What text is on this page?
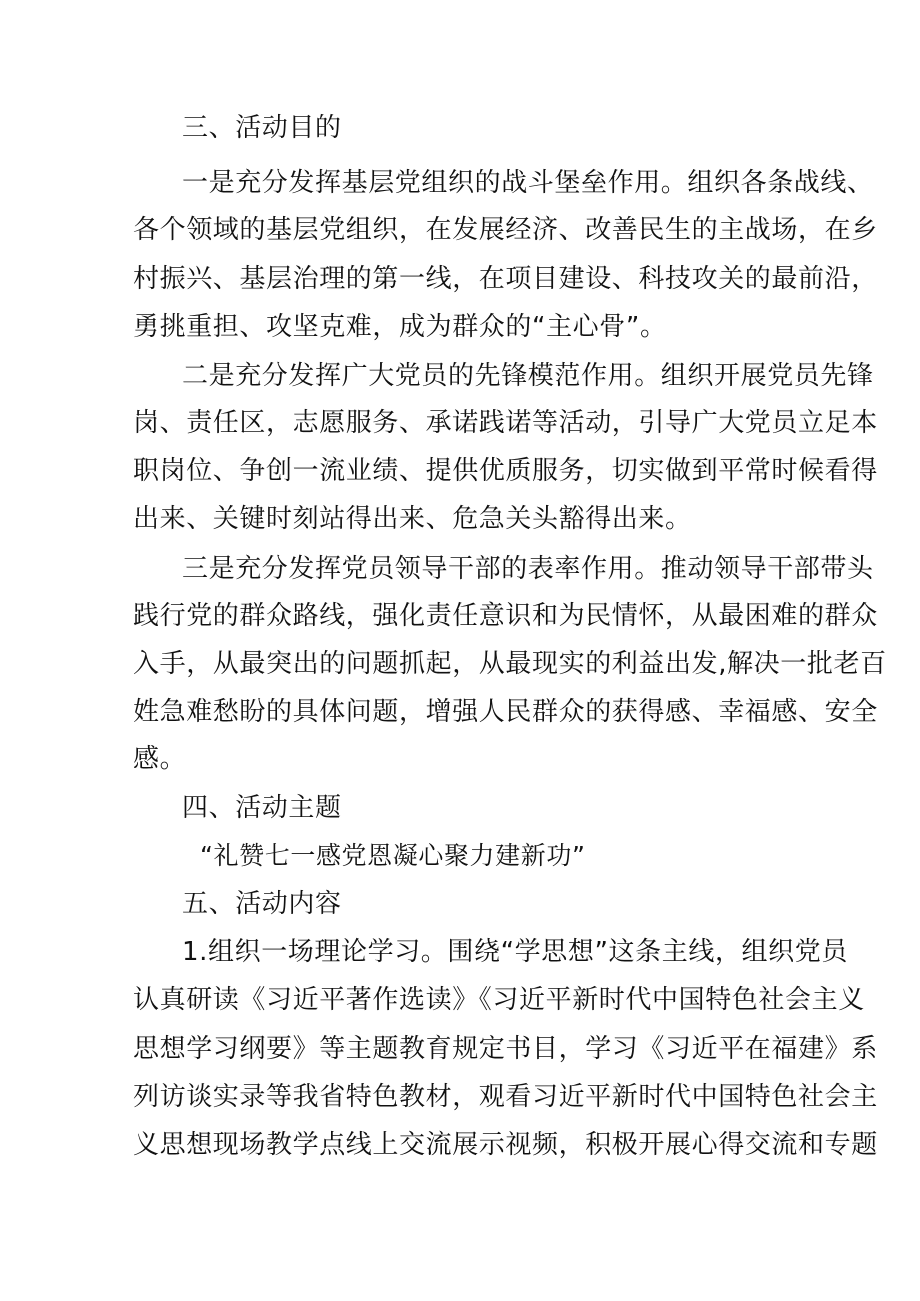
三、活动目的
一是充分发挥基层党组织的战斗堡垒作用。组织各条战线、
各个领域的基层党组织，在发展经济、改善民生的主战场，在乡
村振兴、基层治理的第一线，在项目建设、科技攻关的最前沿，
勇挑重担、攻坚克难，成为群众的“主心骨”。
二是充分发挥广大党员的先锋模范作用。组织开展党员先锋
岗、责任区，志愿服务、承诺践诺等活动，引导广大党员立足本
职岗位、争创一流业绩、提供优质服务，切实做到平常时候看得
出来、关键时刻站得出来、危急关头豁得出来。
三是充分发挥党员领导干部的表率作用。推动领导干部带头
践行党的群众路线，强化责任意识和为民情怀，从最困难的群众
入手，从最突出的问题抓起，从最现实的利益出发,解决一批老百
姓急难愁盼的具体问题，增强人民群众的获得感、幸福感、安全
感。
四、活动主题
“礼赞七一感党恩凝心聚力建新功”
五、活动内容
1.组织一场理论学习。围绕“学思想”这条主线，组织党员
认真研读《习近平著作选读》《习近平新时代中国特色社会主义
思想学习纲要》等主题教育规定书目，学习《习近平在福建》系
列访谈实录等我省特色教材，观看习近平新时代中国特色社会主
义思想现场教学点线上交流展示视频，积极开展心得交流和专题
